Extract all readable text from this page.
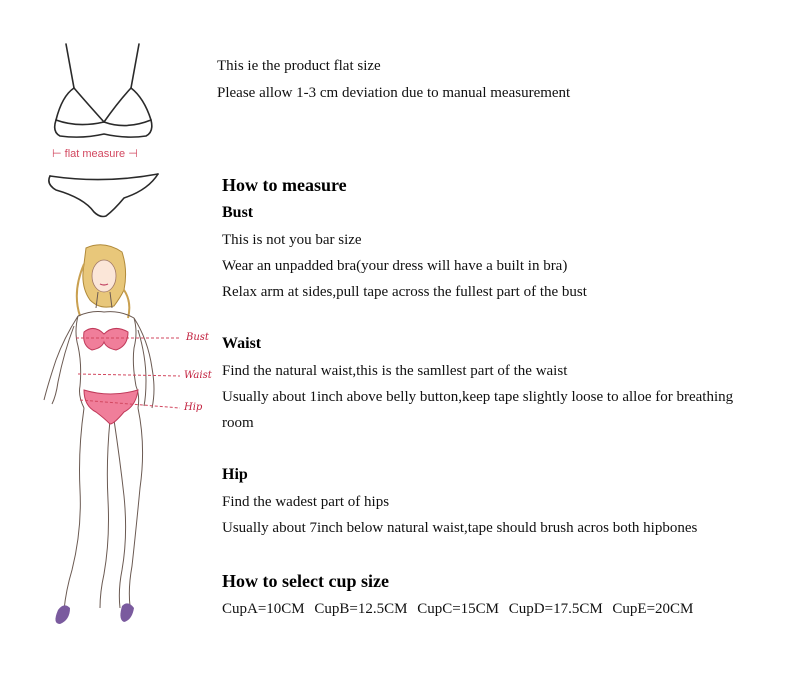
⊢ flat measure ⊣
Bust
Waist
Hip
This ie the product flat size
Please allow 1-3 cm deviation due to manual measurement
How to measure
Bust
This is not you bar size
Wear an unpadded bra(your dress will have a built in bra)
Relax arm at sides,pull tape across the fullest part of the bust
Waist
Find the natural waist,this is the samllest part of the waist
Usually about 1inch above belly button,keep tape slightly loose to alloe for breathing
room
Hip
Find the wadest part of hips
Usually about 7inch below natural waist,tape should brush acros both hipbones
How to select cup size
CupA=10CM CupB=12.5CM CupC=15CM CupD=17.5CM CupE=20CM
